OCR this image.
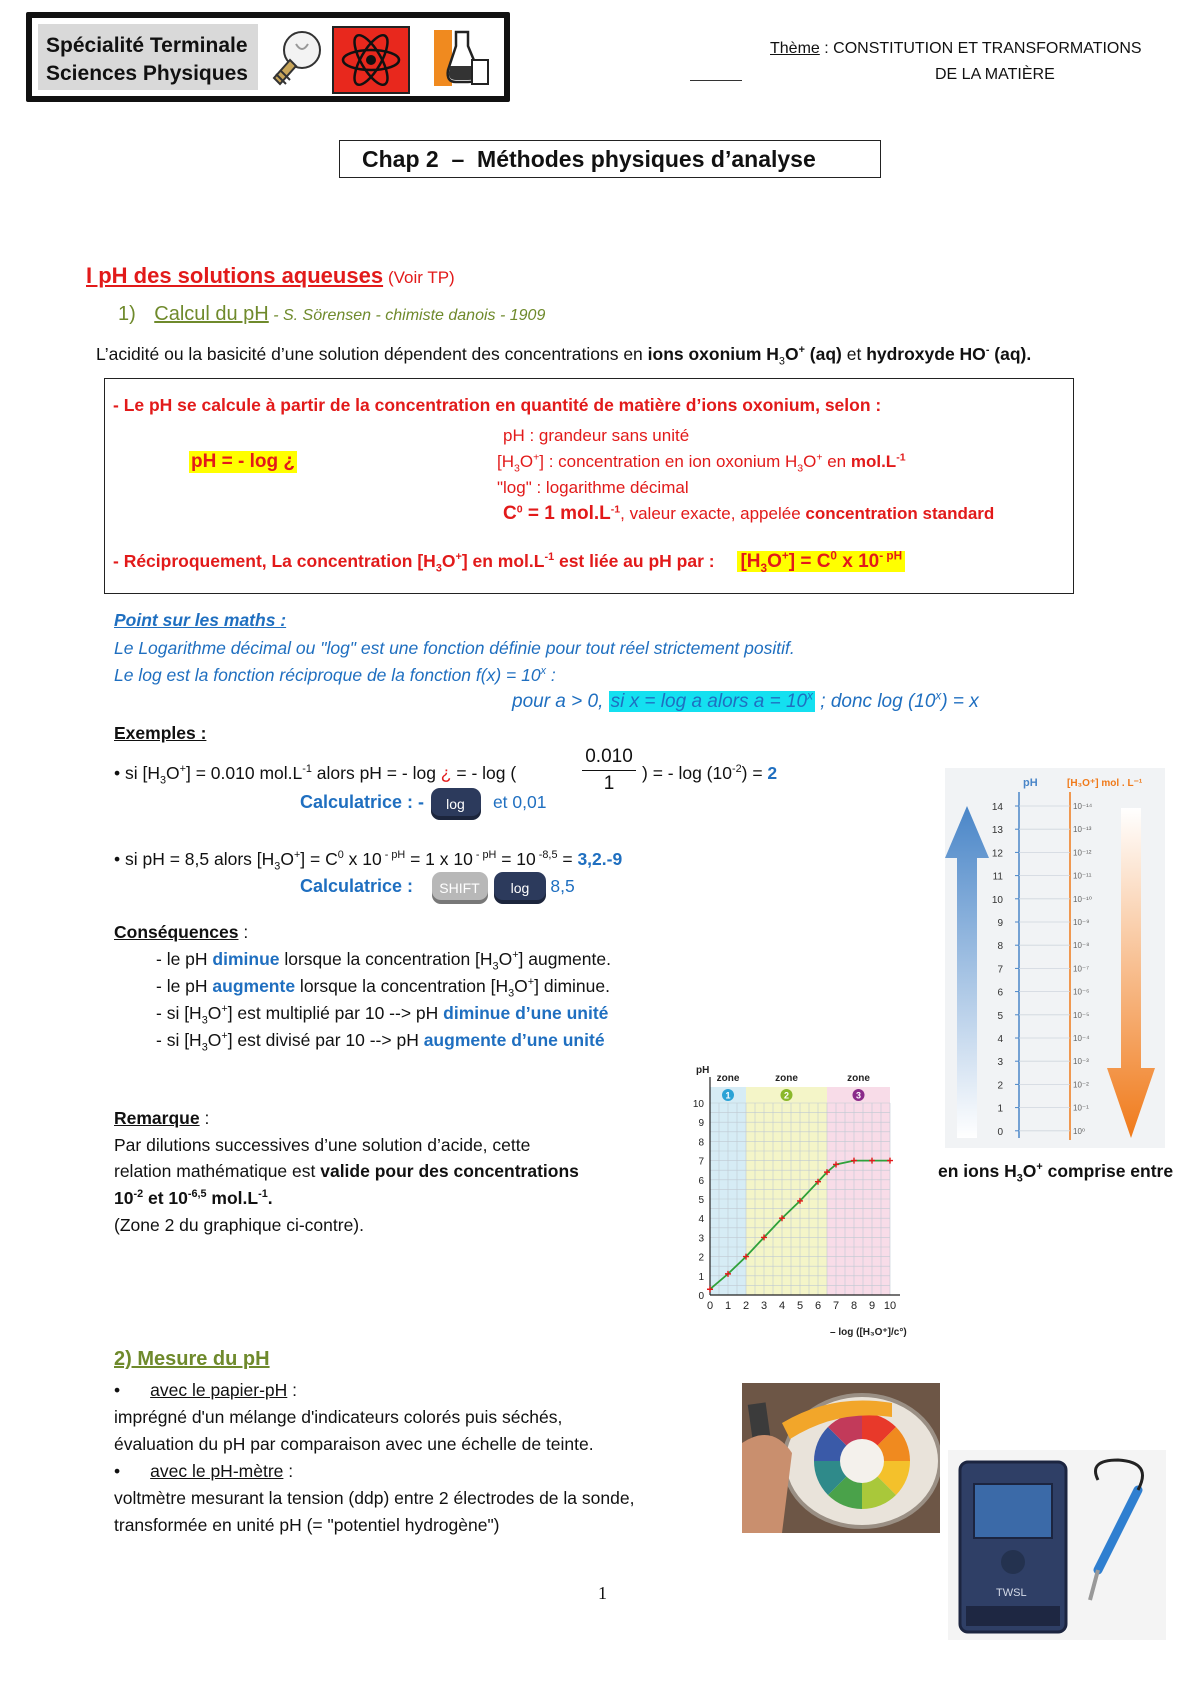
Spécialité Terminale
Sciences Physiques
Thème : CONSTITUTION ET TRANSFORMATIONS
DE LA MATIÈRE
Chap 2  –  Méthodes physiques d’analyse
I pH des solutions aqueuses (Voir TP)
1) Calcul du pH - S. Sörensen - chimiste danois - 1909
L’acidité ou la basicité d’une solution dépendent des concentrations en ions oxonium $H_3O^+$ (aq) et hydroxyde HO- (aq).
- Le pH se calcule à partir de la concentration en quantité de matière d’ions oxonium, selon :
pH = - log ¿
pH : grandeur sans unité
$[H_3O^+]$ : concentration en ion oxonium $H_3O^+$ en $mol.L^{-1}$
"log" : logarithme décimal
$C^0 = 1$ $mol.L^{-1}$, valeur exacte, appelée concentration standard
- Réciproquement, La concentration $[H_3O^+]$ en $mol.L^{-1}$ est liée au pH par : $[H_3O^+] = C^0$ x $10^{- pH}$
Point sur les maths :
Le Logarithme décimal ou "log" est une fonction définie pour tout réel strictement positif.
Le log est la fonction réciproque de la fonction $f(x) = 10^x$ :
pour a > 0, si x = log a alors $a = 10^x$ ; donc $\log (10^x) = x$
Exemples :
• si $[H_3O^+] = 0.010$ $mol.L^{-1}$ alors pH = - log ¿ = - log (
0.010
1	) = - $\log (10^{-2}) = 2$
Calculatrice : - log et 0,01
• si pH = 8,5 alors $[H_3O^+] = C^0$ x 10 $^{- pH}$ = 1 x 10 $^{- pH}$ = 10 $^{-8,5}$ = 3,2.-9
Calculatrice : SHIFT log 8,5
Conséquences :
- le pH diminue lorsque la concentration $[H_3O^+]$ augmente.
- le pH augmente lorsque la concentration $[H_3O^+]$ diminue.
- si $[H_3O^+]$ est multiplié par 10 --> pH diminue d’une unité
- si $[H_3O^+]$ est divisé par 10 --> pH augmente d’une unité
pH	[H₃O⁺] mol . L⁻¹
14	10⁻¹⁴
13	10⁻¹³
12	10⁻¹²
11	10⁻¹¹
10	10⁻¹⁰
9	10⁻⁹
8	10⁻⁸
7	10⁻⁷
6	10⁻⁶
5	10⁻⁵
4	10⁻⁴
3	10⁻³
2	10⁻²
1	10⁻¹
0	10⁰
Remarque :
Par dilutions successives d’une solution d’acide, cette
relation mathématique est valide pour des concentrations	en ions $H_3O^+$ comprise entre
$10^{-2}$ et $10^{-6,5}$ $mol.L^{-1}$.
(Zone 2 du graphique ci-contre).
zone
1
zone
2
zone
3
0 1 2 3 4 5 6 7 8 9 10
0
1
2
3
4
5
6
7
8
9
10
pH
– log ([H₃O⁺]/c°)
2) Mesure du pH
• avec le papier-pH :
imprégné d'un mélange d'indicateurs colorés puis séchés,
évaluation du pH par comparaison avec une échelle de teinte.
• avec le pH-mètre :
voltmètre mesurant la tension (ddp) entre 2 électrodes de la sonde,
transformée en unité pH (= "potentiel hydrogène")
TWSL
1
